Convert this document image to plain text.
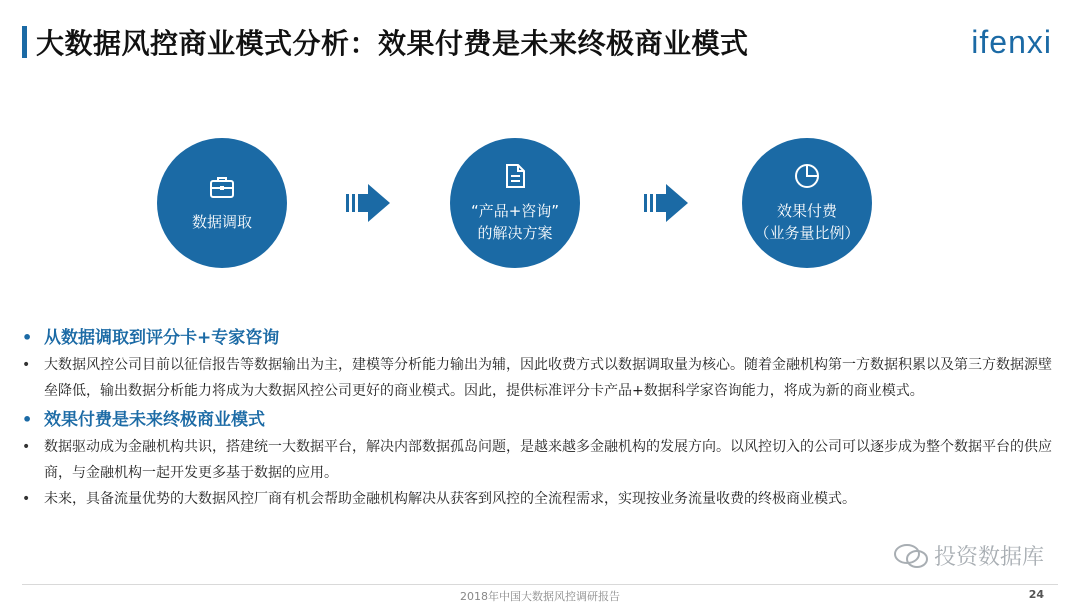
大数据风控商业模式分析：效果付费是未来终极商业模式	ifenxi
数据调取
“产品+咨询”
的解决方案
效果付费
（业务量比例）
• 从数据调取到评分卡+专家咨询
• 大数据风控公司目前以征信报告等数据输出为主，建模等分析能力输出为辅，因此收费方式以数据调取量为核心。随着金融机构第一方数据积累以及第三方数据源壁垒降低，输出数据分析能力将成为大数据风控公司更好的商业模式。因此，提供标准评分卡产品+数据科学家咨询能力，将成为新的商业模式。
• 效果付费是未来终极商业模式
• 数据驱动成为金融机构共识，搭建统一大数据平台，解决内部数据孤岛问题，是越来越多金融机构的发展方向。以风控切入的公司可以逐步成为整个数据平台的供应商，与金融机构一起开发更多基于数据的应用。
• 未来，具备流量优势的大数据风控厂商有机会帮助金融机构解决从获客到风控的全流程需求，实现按业务流量收费的终极商业模式。
投资数据库
2018年中国大数据风控调研报告	24
